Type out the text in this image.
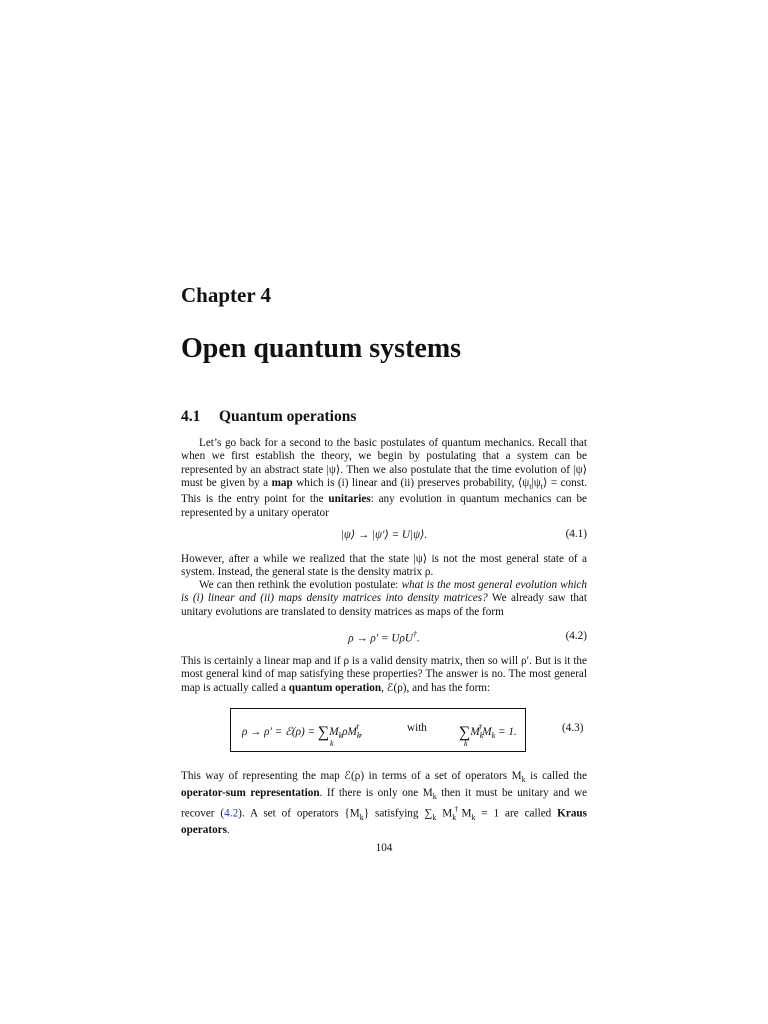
Chapter 4
Open quantum systems
4.1 Quantum operations

Let’s go back for a second to the basic postulates of quantum mechanics. Recall that when we first establish the theory, we begin by postulating that a system can be represented by an abstract state |ψ⟩. Then we also postulate that the time evolution of |ψ⟩ must be given by a map which is (i) linear and (ii) preserves probability, $⟨\psi_t|\psi_t⟩$ = const. This is the entry point for the unitaries: any evolution in quantum mechanics can be represented by a unitary operator

|ψ⟩ → |ψ′⟩ = U|ψ⟩.	(4.1)

However, after a while we realized that the state |ψ⟩ is not the most general state of a system. Instead, the general state is the density matrix ρ.

We can then rethink the evolution postulate: what is the most general evolution which is (i) linear and (ii) maps density matrices into density matrices? We already saw that unitary evolutions are translated to density matrices as maps of the form

ρ → ρ′ = UρU†.	(4.2)

This is certainly a linear map and if ρ is a valid density matrix, then so will ρ′. But is it the most general kind of map satisfying these properties? The answer is no. The most general map is actually called a quantum operation, ℰ(ρ), and has the form:

ρ → ρ′ = ℰ(ρ) = ∑
k
$M_k\rho M_k^\dagger$,	with ∑
k
$M_k^\dagger M_k = 1$.	(4.3)

This way of representing the map ℰ(ρ) in terms of a set of operators $M_k$ is called the operator-sum representation. If there is only one $M_k$ then it must be unitary and we recover (4.2). A set of operators $\{M_k\}$ satisfying $\sum_k$ $M_k^\dagger M_k = 1$ are called Kraus operators.

104
